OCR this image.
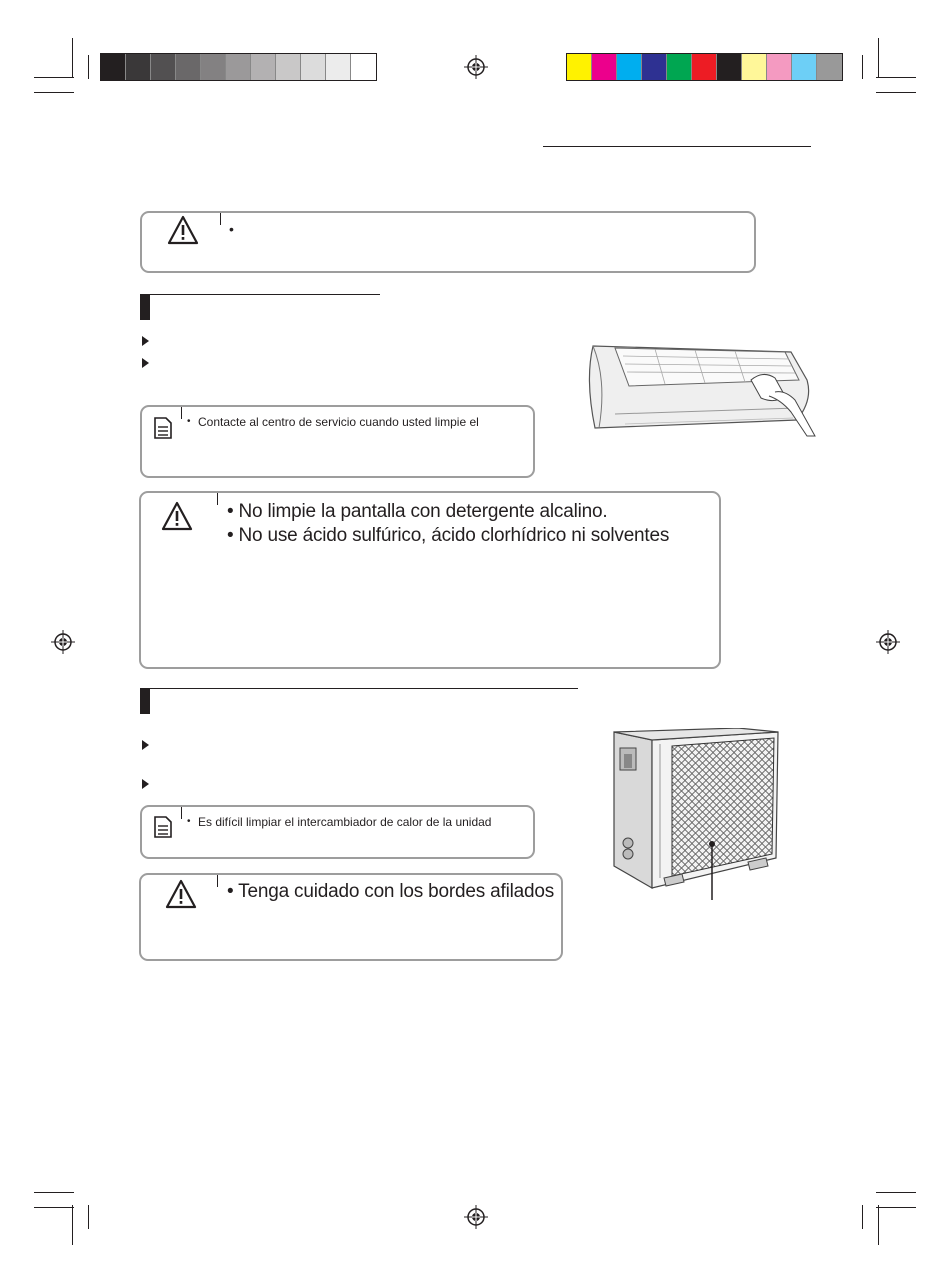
•
• Contacte al centro de servicio cuando usted limpie el
• No limpie la pantalla con detergente alcalino.
• No use ácido sulfúrico, ácido clorhídrico ni solventes
• Es difícil limpiar el intercambiador de calor de la unidad
• Tenga cuidado con los bordes afilados
